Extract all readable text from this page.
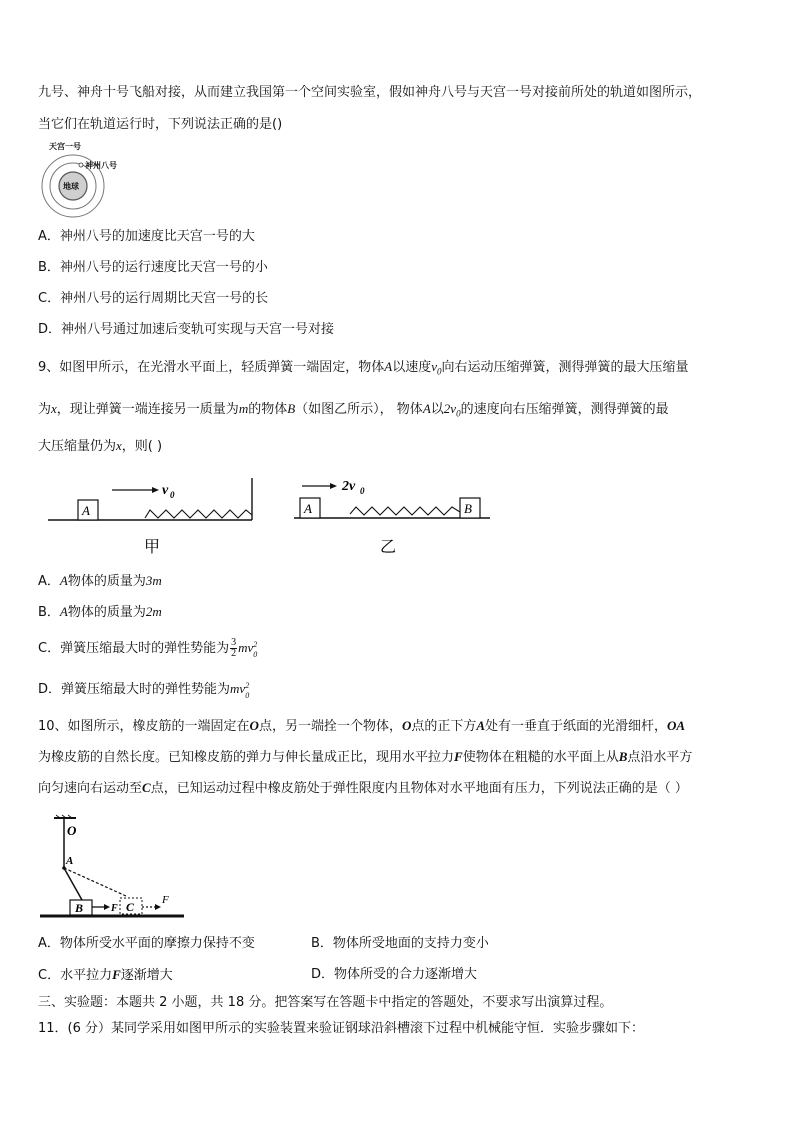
九号、神舟十号飞船对接，从而建立我国第一个空间实验室，假如神舟八号与天宫一号对接前所处的轨道如图所示，
当它们在轨道运行时，下列说法正确的是()
天宫一号
神州八号
地球
A．神州八号的加速度比天宫一号的大
B．神州八号的运行速度比天宫一号的小
C．神州八号的运行周期比天宫一号的长
D．神州八号通过加速后变轨可实现与天宫一号对接
9、如图甲所示，在光滑水平面上，轻质弹簧一端固定，物体A以速度$v_0$向右运动压缩弹簧，测得弹簧的最大压缩量
为x，现让弹簧一端连接另一质量为m的物体B（如图乙所示）， 物体A以$2v_0$的速度向右压缩弹簧，测得弹簧的最
大压缩量仍为x，则( )
A
v 0
甲
A	B
2v 0
乙
A．A物体的质量为3m
B．A物体的质量为2m
C．弹簧压缩最大时的弹性势能为 $\frac{3}{2}$ mv 2
0
D．弹簧压缩最大时的弹性势能为mv 2
0
10、如图所示，橡皮筋的一端固定在O点，另一端拴一个物体，O点的正下方A处有一垂直于纸面的光滑细杆，OA
为橡皮筋的自然长度。已知橡皮筋的弹力与伸长量成正比，现用水平拉力F使物体在粗糙的水平面上从B点沿水平方
向匀速向右运动至C点，已知运动过程中橡皮筋处于弹性限度内且物体对水平地面有压力，下列说法正确的是（ ）
O
A
B	F C	F
A．物体所受水平面的摩擦力保持不变	B．物体所受地面的支持力变小
C．水平拉力F逐渐增大	D．物体所受的合力逐渐增大
三、实验题：本题共 2 小题，共 18 分。把答案写在答题卡中指定的答题处，不要求写出演算过程。
11．(6 分）某同学采用如图甲所示的实验装置来验证钢球沿斜槽滚下过程中机械能守恒．实验步骤如下：
